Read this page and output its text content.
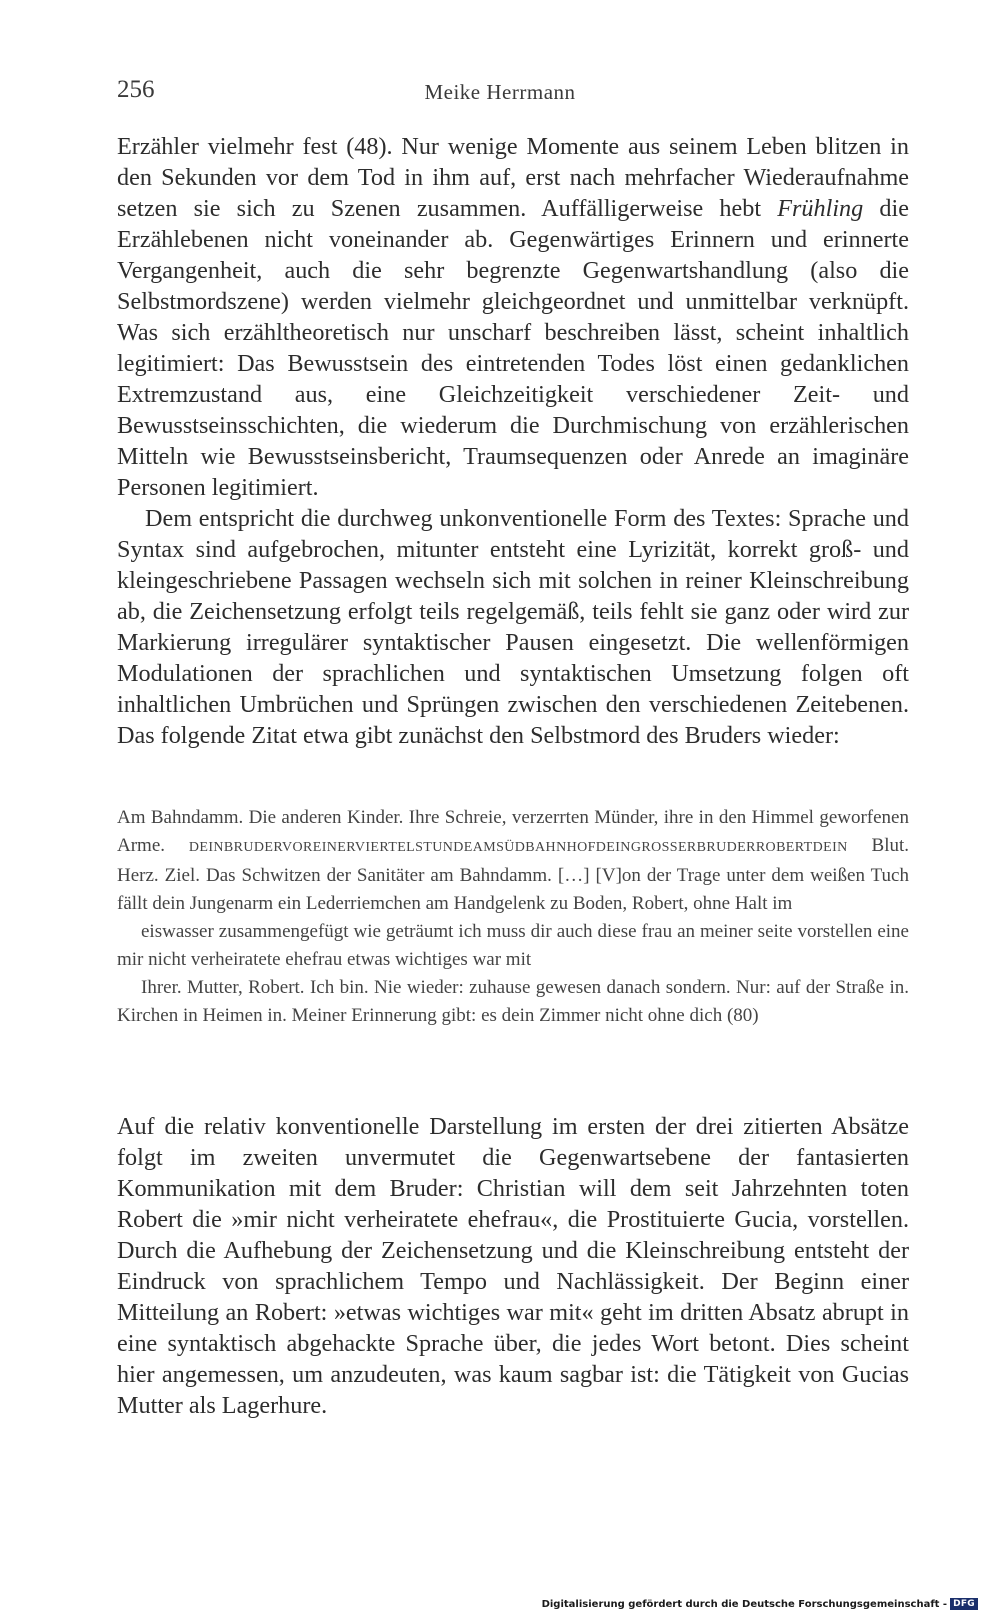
256	Meike Herrmann

Erzähler vielmehr fest (48). Nur wenige Momente aus seinem Leben blitzen in den Sekunden vor dem Tod in ihm auf, erst nach mehrfacher Wiederaufnahme setzen sie sich zu Szenen zusammen. Auffälligerweise hebt Frühling die Erzählebenen nicht voneinander ab. Gegenwärtiges Erinnern und erinnerte Vergangenheit, auch die sehr begrenzte Gegenwartshandlung (also die Selbstmordszene) werden vielmehr gleichgeordnet und unmittelbar verknüpft. Was sich erzähltheoretisch nur unscharf beschreiben lässt, scheint inhaltlich legitimiert: Das Bewusstsein des eintretenden Todes löst einen gedanklichen Extremzustand aus, eine Gleichzeitigkeit verschiedener Zeit- und Bewusstseinsschichten, die wiederum die Durchmischung von erzählerischen Mitteln wie Bewusstseinsbericht, Traumsequenzen oder Anrede an imaginäre Personen legitimiert.

Dem entspricht die durchweg unkonventionelle Form des Textes: Sprache und Syntax sind aufgebrochen, mitunter entsteht eine Lyrizität, korrekt groß- und kleingeschriebene Passagen wechseln sich mit solchen in reiner Kleinschreibung ab, die Zeichensetzung erfolgt teils regelgemäß, teils fehlt sie ganz oder wird zur Markierung irregulärer syntaktischer Pausen eingesetzt. Die wellenförmigen Modulationen der sprachlichen und syntaktischen Umsetzung folgen oft inhaltlichen Umbrüchen und Sprüngen zwischen den verschiedenen Zeitebenen. Das folgende Zitat etwa gibt zunächst den Selbstmord des Bruders wieder:

Am Bahndamm. Die anderen Kinder. Ihre Schreie, verzerrten Münder, ihre in den Himmel geworfenen Arme. DEINBRUDERVOREINERVIERTELSTUNDEAMSÜDBAHNHOFDEINGROSSERBRUDERROBERTDEIN Blut. Herz. Ziel. Das Schwitzen der Sanitäter am Bahndamm. […] [V]on der Trage unter dem weißen Tuch fällt dein Jungenarm ein Lederriemchen am Handgelenk zu Boden, Robert, ohne Halt im

eiswasser zusammengefügt wie geträumt ich muss dir auch diese frau an meiner seite vorstellen eine mir nicht verheiratete ehefrau etwas wichtiges war mit

Ihrer. Mutter, Robert. Ich bin. Nie wieder: zuhause gewesen danach sondern. Nur: auf der Straße in. Kirchen in Heimen in. Meiner Erinnerung gibt: es dein Zimmer nicht ohne dich (80)

Auf die relativ konventionelle Darstellung im ersten der drei zitierten Absätze folgt im zweiten unvermutet die Gegenwartsebene der fantasierten Kommunikation mit dem Bruder: Christian will dem seit Jahrzehnten toten Robert die »mir nicht verheiratete ehefrau«, die Prostituierte Gucia, vorstellen. Durch die Aufhebung der Zeichensetzung und die Kleinschreibung entsteht der Eindruck von sprachlichem Tempo und Nachlässigkeit. Der Beginn einer Mitteilung an Robert: »etwas wichtiges war mit« geht im dritten Absatz abrupt in eine syntaktisch abgehackte Sprache über, die jedes Wort betont. Dies scheint hier angemessen, um anzudeuten, was kaum sagbar ist: die Tätigkeit von Gucias Mutter als Lagerhure.

Digitalisierung gefördert durch die Deutsche Forschungsgemeinschaft - DFG
